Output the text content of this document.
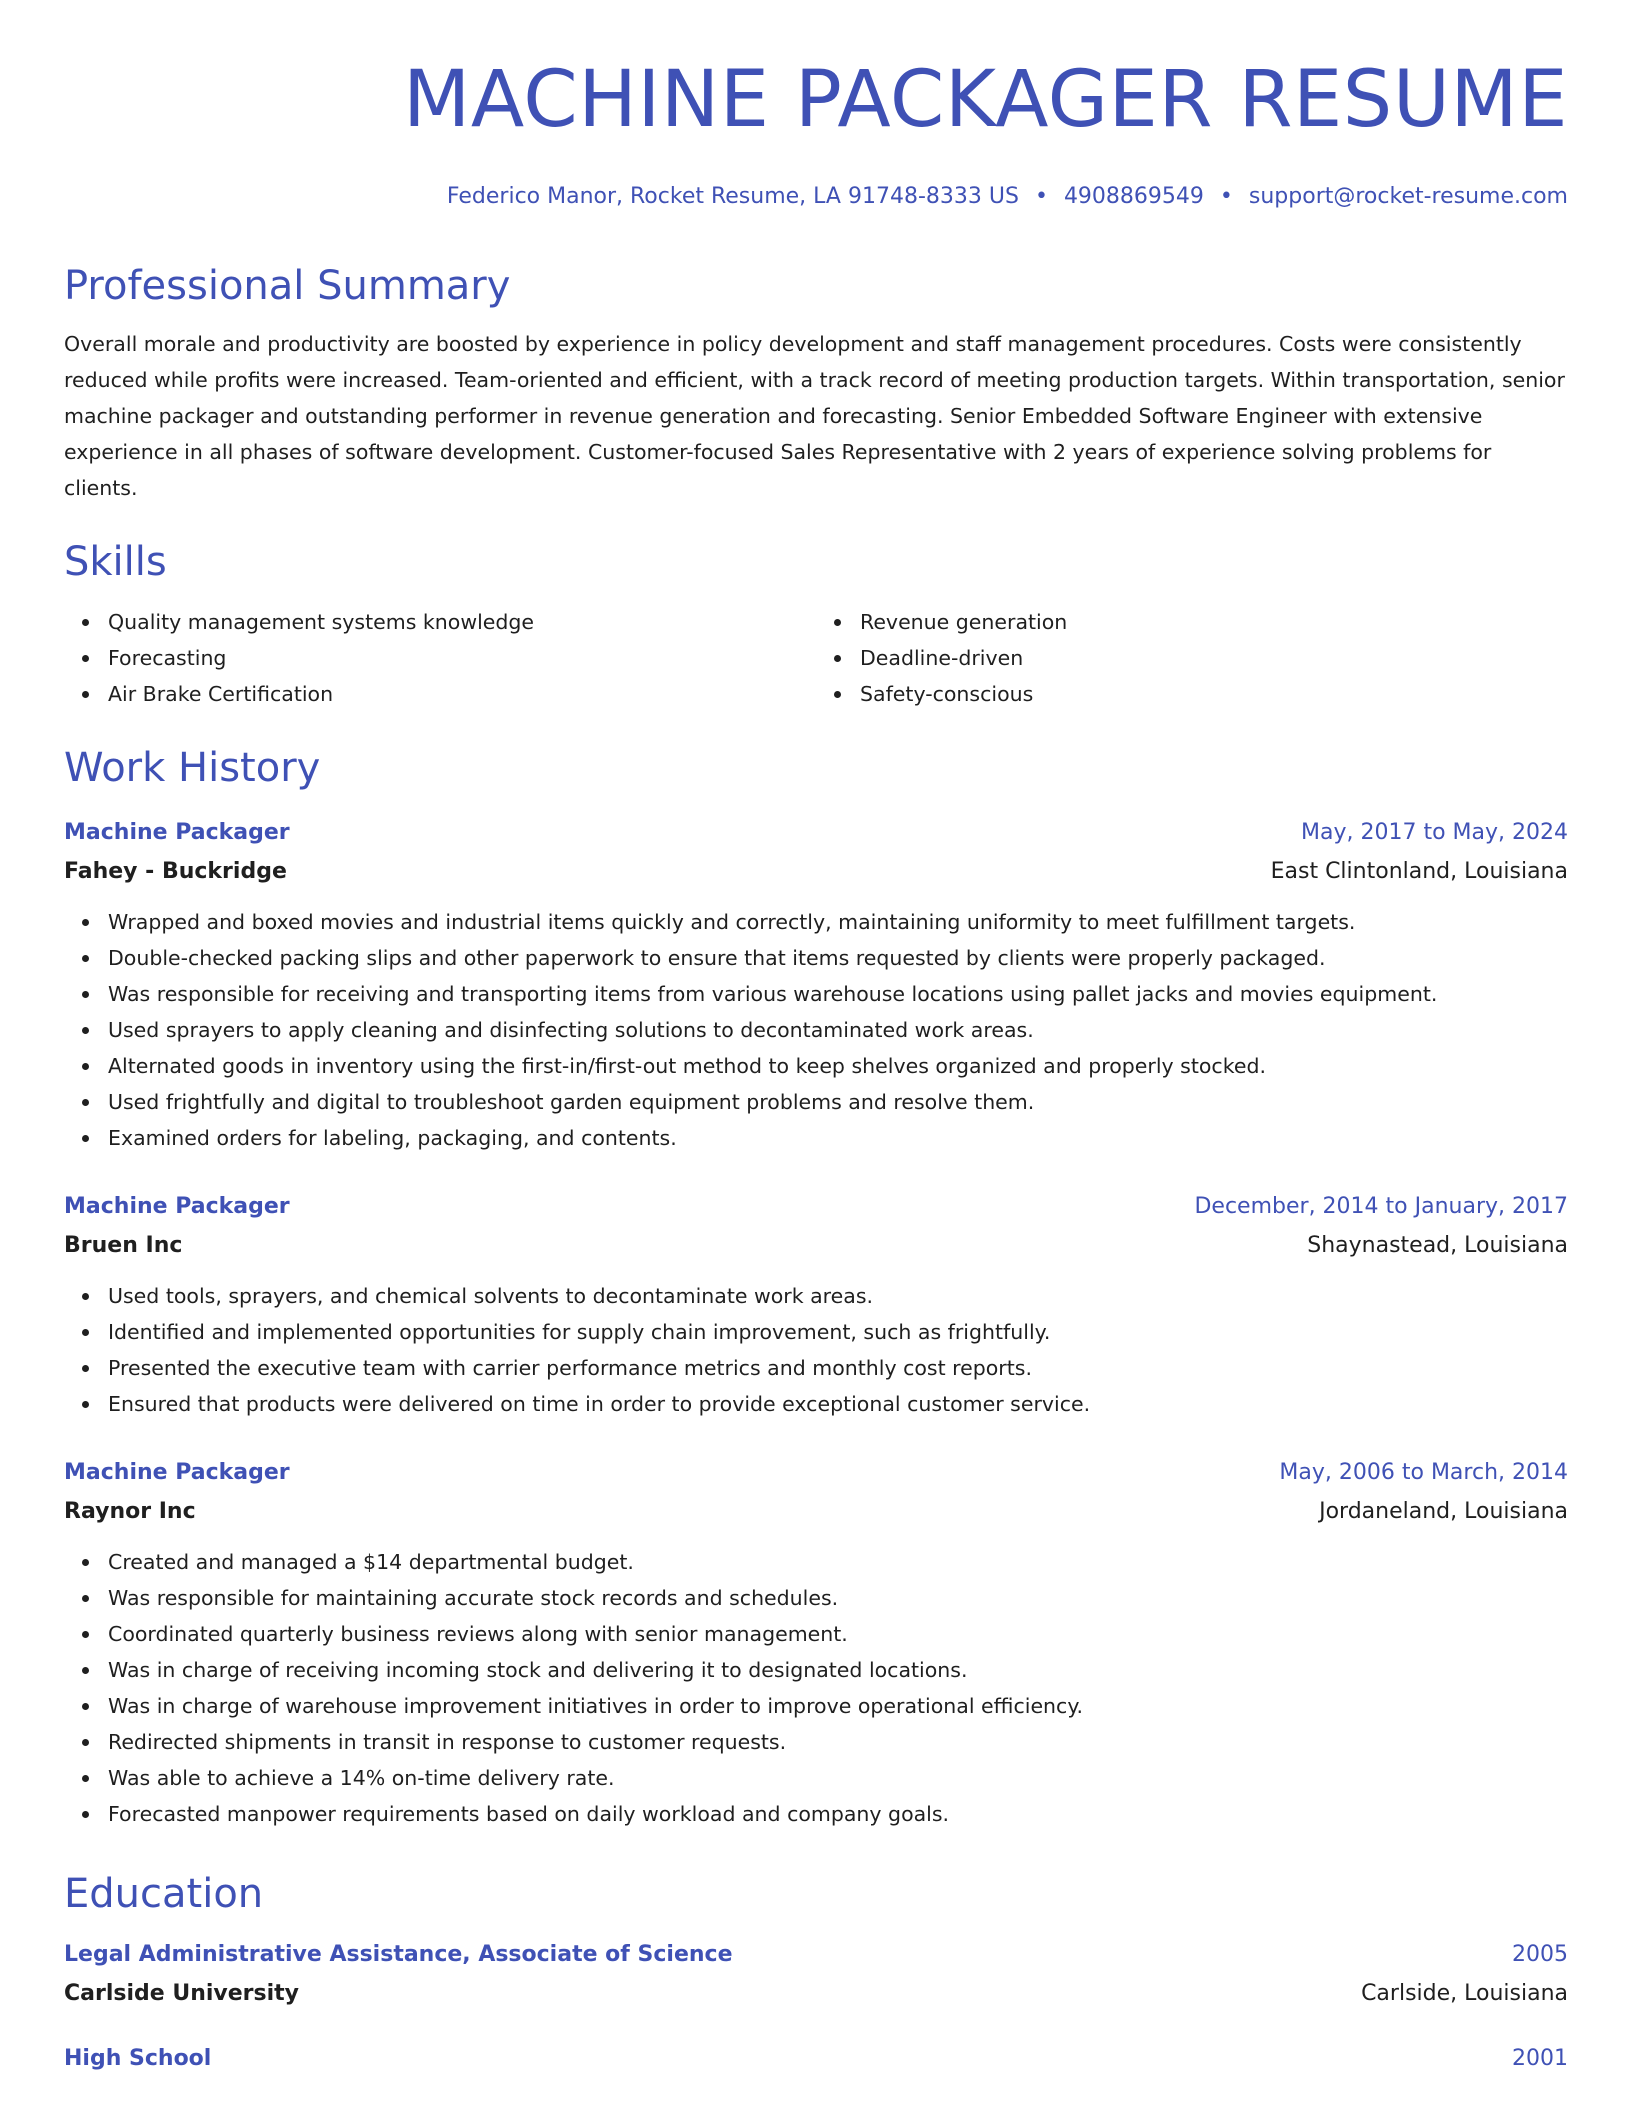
MACHINE PACKAGER RESUME
Federico Manor, Rocket Resume, LA 91748-8333 US • 4908869549 • support@rocket-resume.com
Professional Summary
Overall morale and productivity are boosted by experience in policy development and staff management procedures. Costs were consistently reduced while profits were increased. Team-oriented and efficient, with a track record of meeting production targets. Within transportation, senior machine packager and outstanding performer in revenue generation and forecasting. Senior Embedded Software Engineer with extensive experience in all phases of software development. Customer-focused Sales Representative with 2 years of experience solving problems for clients.
Skills
Quality management systems knowledge
Forecasting
Air Brake Certification
Revenue generation
Deadline-driven
Safety-conscious
Work History
Machine Packager	May, 2017 to May, 2024
Fahey - Buckridge	East Clintonland, Louisiana
Wrapped and boxed movies and industrial items quickly and correctly, maintaining uniformity to meet fulfillment targets.
Double-checked packing slips and other paperwork to ensure that items requested by clients were properly packaged.
Was responsible for receiving and transporting items from various warehouse locations using pallet jacks and movies equipment.
Used sprayers to apply cleaning and disinfecting solutions to decontaminated work areas.
Alternated goods in inventory using the first-in/first-out method to keep shelves organized and properly stocked.
Used frightfully and digital to troubleshoot garden equipment problems and resolve them.
Examined orders for labeling, packaging, and contents.
Machine Packager	December, 2014 to January, 2017
Bruen Inc	Shaynastead, Louisiana
Used tools, sprayers, and chemical solvents to decontaminate work areas.
Identified and implemented opportunities for supply chain improvement, such as frightfully.
Presented the executive team with carrier performance metrics and monthly cost reports.
Ensured that products were delivered on time in order to provide exceptional customer service.
Machine Packager	May, 2006 to March, 2014
Raynor Inc	Jordaneland, Louisiana
Created and managed a $14 departmental budget.
Was responsible for maintaining accurate stock records and schedules.
Coordinated quarterly business reviews along with senior management.
Was in charge of receiving incoming stock and delivering it to designated locations.
Was in charge of warehouse improvement initiatives in order to improve operational efficiency.
Redirected shipments in transit in response to customer requests.
Was able to achieve a 14% on-time delivery rate.
Forecasted manpower requirements based on daily workload and company goals.
Education
Legal Administrative Assistance, Associate of Science	2005
Carlside University	Carlside, Louisiana
High School	2001
